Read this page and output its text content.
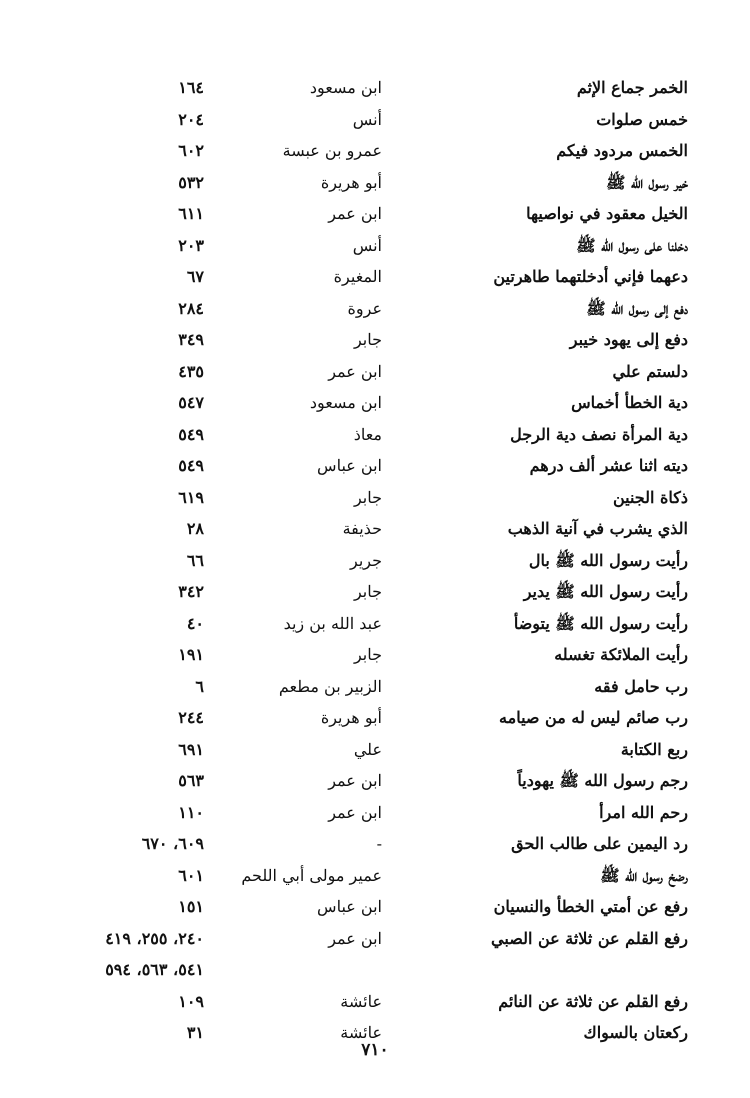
الخمر جماع الإثم
ابن مسعود
١٦٤
خمس صلوات
أنس
٢٠٤
الخمس مردود فيكم
عمرو بن عبسة
٦٠٢
خير رسول الله ﷺ
أبو هريرة
٥٣٢
الخيل معقود في نواصيها
ابن عمر
٦١١
دخلنا على رسول الله ﷺ
أنس
٢٠٣
دعهما فإني أدخلتهما طاهرتين
المغيرة
٦٧
دفع إلى رسول الله ﷺ
عروة
٢٨٤
دفع إلى يهود خيبر
جابر
٣٤٩
دلستم علي
ابن عمر
٤٣٥
دية الخطأ أخماس
ابن مسعود
٥٤٧
دية المرأة نصف دية الرجل
معاذ
٥٤٩
ديته اثنا عشر ألف درهم
ابن عباس
٥٤٩
ذكاة الجنين
جابر
٦١٩
الذي يشرب في آنية الذهب
حذيفة
٢٨
رأيت رسول الله ﷺ بال
جرير
٦٦
رأيت رسول الله ﷺ يدير
جابر
٣٤٢
رأيت رسول الله ﷺ يتوضأ
عبد الله بن زيد
٤٠
رأيت الملائكة تغسله
جابر
١٩١
رب حامل فقه
الزبير بن مطعم
٦
رب صائم ليس له من صيامه
أبو هريرة
٢٤٤
ربع الكتابة
علي
٦٩١
رجم رسول الله ﷺ يهودياً
ابن عمر
٥٦٣
رحم الله امرأ
ابن عمر
١١٠
رد اليمين على طالب الحق
-
٦٠٩، ٦٧٠
رضخ رسول الله ﷺ
عمير مولى أبي اللحم
٦٠١
رفع عن أمتي الخطأ والنسيان
ابن عباس
١٥١
رفع القلم عن ثلاثة عن الصبي
ابن عمر
٢٤٠، ٢٥٥، ٤١٩
٥٤١، ٥٦٣، ٥٩٤
رفع القلم عن ثلاثة عن النائم
عائشة
١٠٩
ركعتان بالسواك
عائشة
٣١
٧١٠
